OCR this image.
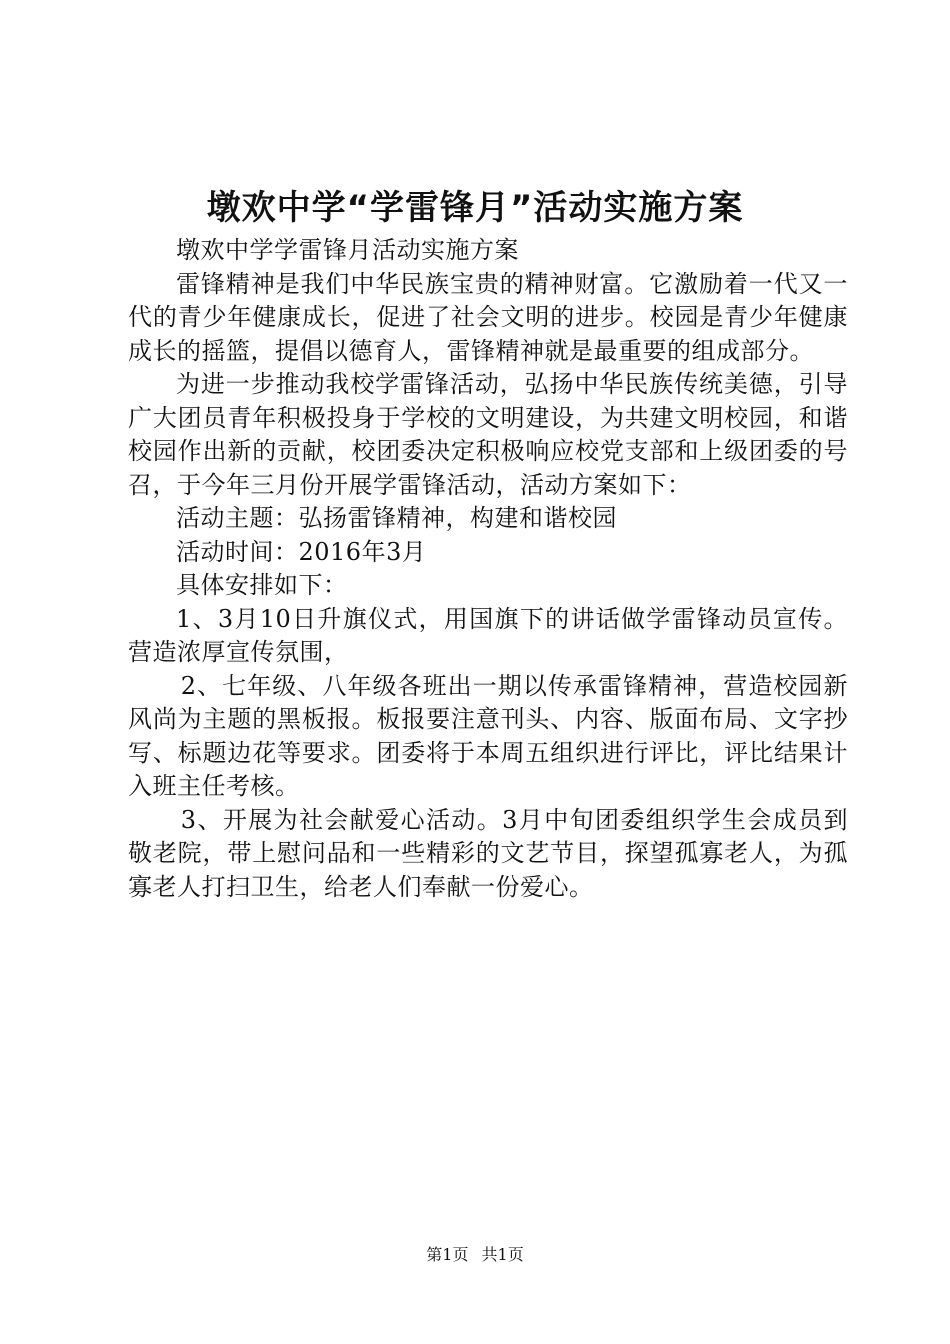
墩欢中学“学雷锋月”活动实施方案

墩欢中学学雷锋月活动实施方案

雷锋精神是我们中华民族宝贵的精神财富。它激励着一代又一代的青少年健康成长，促进了社会文明的进步。校园是青少年健康成长的摇篮，提倡以德育人，雷锋精神就是最重要的组成部分。

为进一步推动我校学雷锋活动，弘扬中华民族传统美德，引导广大团员青年积极投身于学校的文明建设，为共建文明校园，和谐校园作出新的贡献，校团委决定积极响应校党支部和上级团委的号召，于今年三月份开展学雷锋活动，活动方案如下：

活动主题：弘扬雷锋精神，构建和谐校园

活动时间：2016年3月

具体安排如下：

1、3月10日升旗仪式，用国旗下的讲话做学雷锋动员宣传。营造浓厚宣传氛围，

2、七年级、八年级各班出一期以传承雷锋精神，营造校园新风尚为主题的黑板报。板报要注意刊头、内容、版面布局、文字抄写、标题边花等要求。团委将于本周五组织进行评比，评比结果计入班主任考核。

3、开展为社会献爱心活动。3月中旬团委组织学生会成员到敬老院，带上慰问品和一些精彩的文艺节目，探望孤寡老人，为孤寡老人打扫卫生，给老人们奉献一份爱心。

第1页 共1页
